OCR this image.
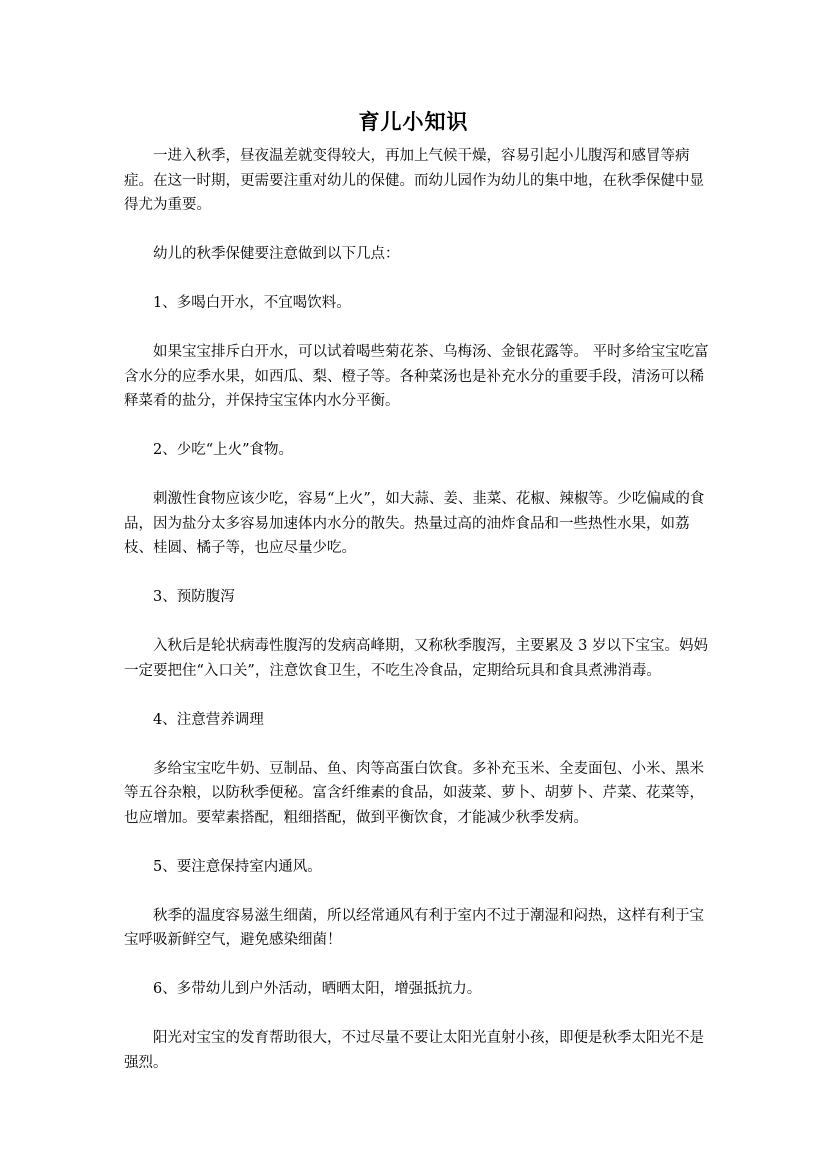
育儿小知识

一进入秋季，昼夜温差就变得较大，再加上气候干燥，容易引起小儿腹泻和感冒等病症。在这一时期，更需要注重对幼儿的保健。而幼儿园作为幼儿的集中地，在秋季保健中显得尤为重要。

幼儿的秋季保健要注意做到以下几点：

1、多喝白开水，不宜喝饮料。

如果宝宝排斥白开水，可以试着喝些菊花茶、乌梅汤、金银花露等。 平时多给宝宝吃富含水分的应季水果，如西瓜、梨、橙子等。各种菜汤也是补充水分的重要手段，清汤可以稀释菜肴的盐分，并保持宝宝体内水分平衡。

2、少吃“上火”食物。

刺激性食物应该少吃，容易“上火”，如大蒜、姜、韭菜、花椒、辣椒等。少吃偏咸的食品，因为盐分太多容易加速体内水分的散失。热量过高的油炸食品和一些热性水果，如荔枝、桂圆、橘子等，也应尽量少吃。

3、预防腹泻

入秋后是轮状病毒性腹泻的发病高峰期，又称秋季腹泻，主要累及 3 岁以下宝宝。妈妈一定要把住“入口关”，注意饮食卫生，不吃生冷食品，定期给玩具和食具煮沸消毒。

4、注意营养调理

多给宝宝吃牛奶、豆制品、鱼、肉等高蛋白饮食。多补充玉米、全麦面包、小米、黑米等五谷杂粮，以防秋季便秘。富含纤维素的食品，如菠菜、萝卜、胡萝卜、芹菜、花菜等，也应增加。要荤素搭配，粗细搭配，做到平衡饮食，才能减少秋季发病。

5、要注意保持室内通风。

秋季的温度容易滋生细菌，所以经常通风有利于室内不过于潮湿和闷热，这样有利于宝宝呼吸新鲜空气，避免感染细菌！

6、多带幼儿到户外活动，晒晒太阳，增强抵抗力。

阳光对宝宝的发育帮助很大，不过尽量不要让太阳光直射小孩，即便是秋季太阳光不是强烈。
